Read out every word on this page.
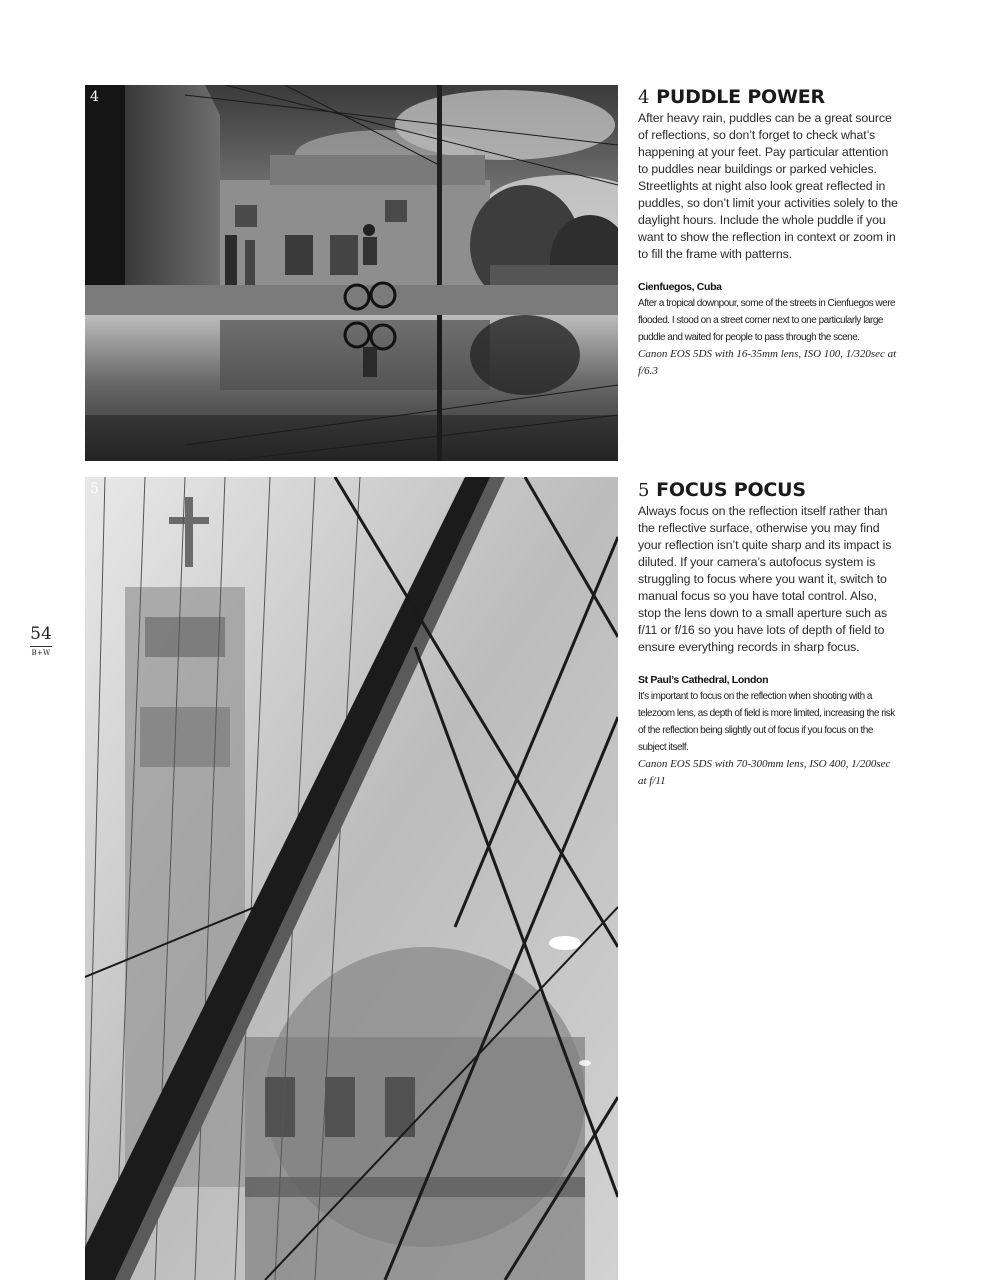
4
5
4 PUDDLE POWER

After heavy rain, puddles can be a great source of reflections, so don’t forget to check what’s happening at your feet. Pay particular attention to puddles near buildings or parked vehicles. Streetlights at night also look great reflected in puddles, so don’t limit your activities solely to the daylight hours. Include the whole puddle if you want to show the reflection in context or zoom in to fill the frame with patterns.

Cienfuegos, Cuba

After a tropical downpour, some of the streets in Cienfuegos were flooded. I stood on a street corner next to one particularly large puddle and waited for people to pass through the scene.

Canon EOS 5DS with 16-35mm lens, ISO 100, 1/320sec at f/6.3

5 FOCUS POCUS

Always focus on the reflection itself rather than the reflective surface, otherwise you may find your reflection isn’t quite sharp and its impact is diluted. If your camera’s autofocus system is struggling to focus where you want it, switch to manual focus so you have total control. Also, stop the lens down to a small aperture such as f/11 or f/16 so you have lots of depth of field to ensure everything records in sharp focus.

St Paul’s Cathedral, London

It’s important to focus on the reflection when shooting with a telezoom lens, as depth of field is more limited, increasing the risk of the reflection being slightly out of focus if you focus on the subject itself.

Canon EOS 5DS with 70-300mm lens, ISO 400, 1/200sec at f/11

54
B+W
